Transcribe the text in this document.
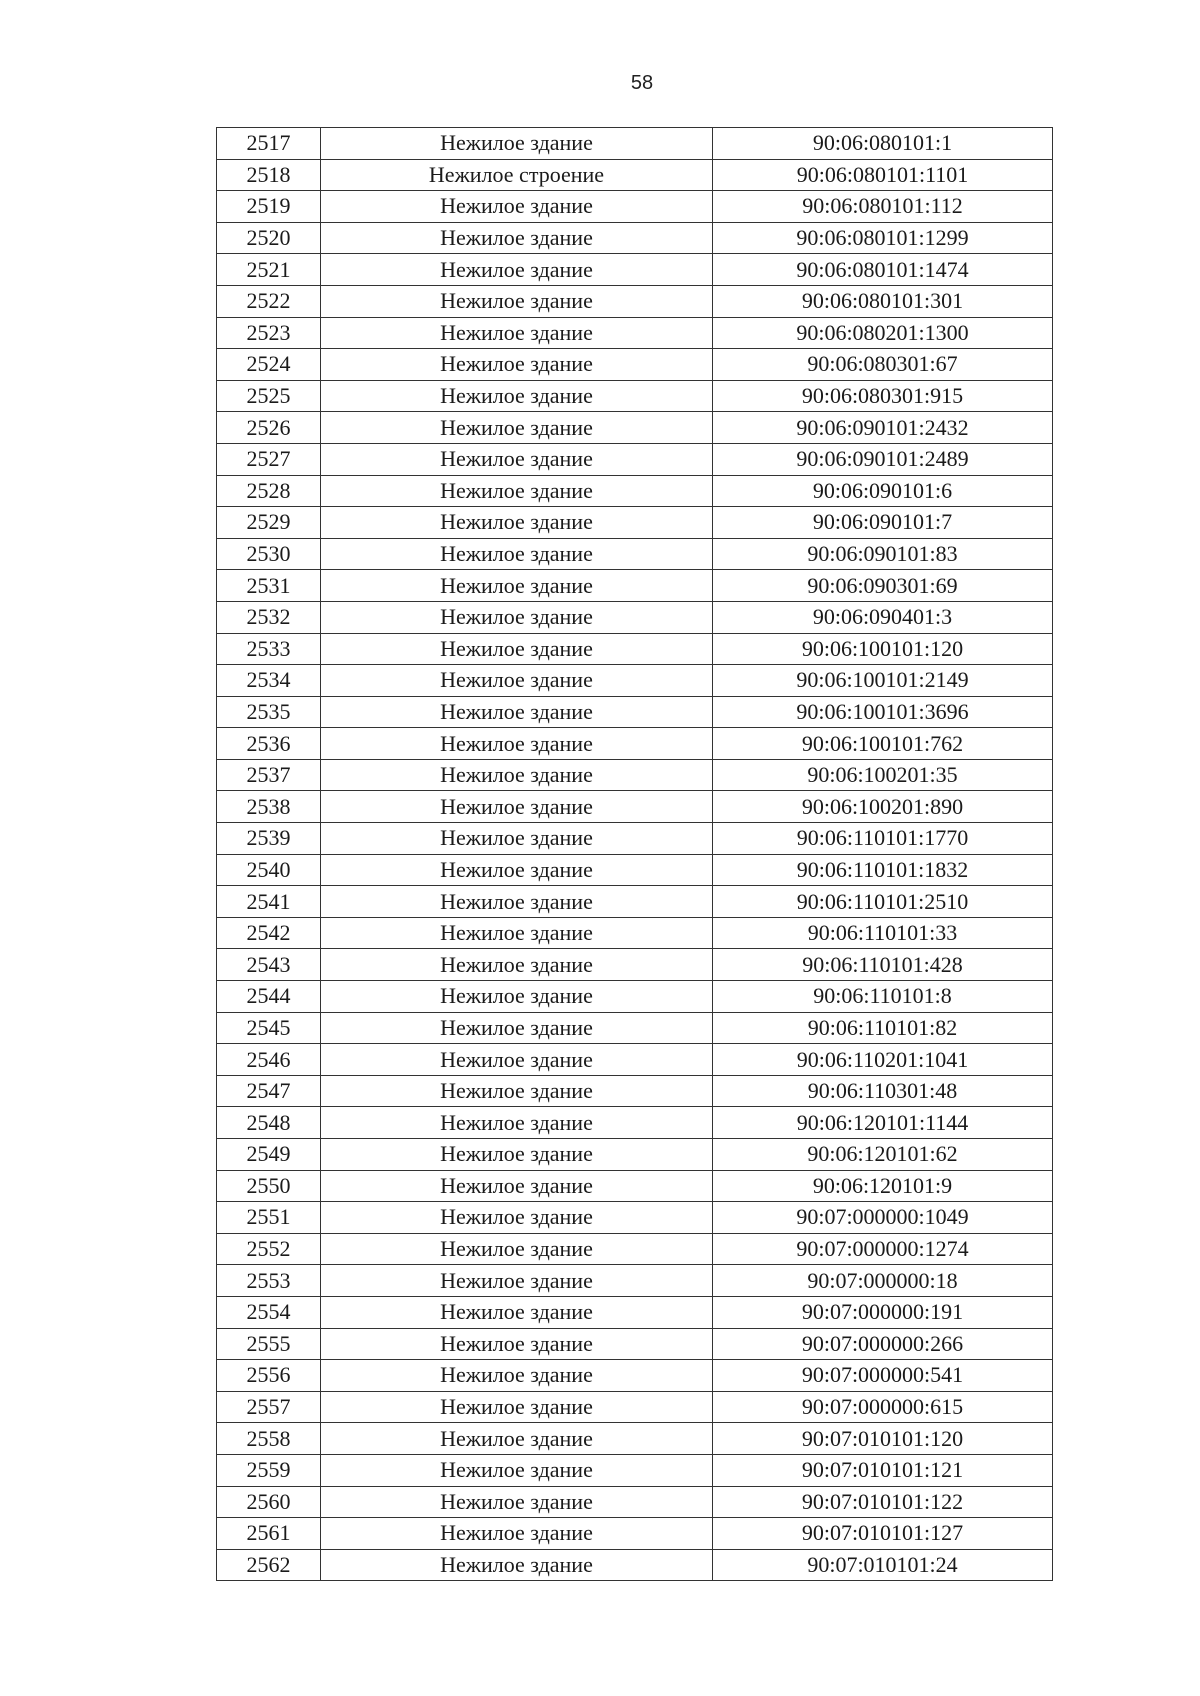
58
2517	Нежилое здание	90:06:080101:1
2518	Нежилое строение	90:06:080101:1101
2519	Нежилое здание	90:06:080101:112
2520	Нежилое здание	90:06:080101:1299
2521	Нежилое здание	90:06:080101:1474
2522	Нежилое здание	90:06:080101:301
2523	Нежилое здание	90:06:080201:1300
2524	Нежилое здание	90:06:080301:67
2525	Нежилое здание	90:06:080301:915
2526	Нежилое здание	90:06:090101:2432
2527	Нежилое здание	90:06:090101:2489
2528	Нежилое здание	90:06:090101:6
2529	Нежилое здание	90:06:090101:7
2530	Нежилое здание	90:06:090101:83
2531	Нежилое здание	90:06:090301:69
2532	Нежилое здание	90:06:090401:3
2533	Нежилое здание	90:06:100101:120
2534	Нежилое здание	90:06:100101:2149
2535	Нежилое здание	90:06:100101:3696
2536	Нежилое здание	90:06:100101:762
2537	Нежилое здание	90:06:100201:35
2538	Нежилое здание	90:06:100201:890
2539	Нежилое здание	90:06:110101:1770
2540	Нежилое здание	90:06:110101:1832
2541	Нежилое здание	90:06:110101:2510
2542	Нежилое здание	90:06:110101:33
2543	Нежилое здание	90:06:110101:428
2544	Нежилое здание	90:06:110101:8
2545	Нежилое здание	90:06:110101:82
2546	Нежилое здание	90:06:110201:1041
2547	Нежилое здание	90:06:110301:48
2548	Нежилое здание	90:06:120101:1144
2549	Нежилое здание	90:06:120101:62
2550	Нежилое здание	90:06:120101:9
2551	Нежилое здание	90:07:000000:1049
2552	Нежилое здание	90:07:000000:1274
2553	Нежилое здание	90:07:000000:18
2554	Нежилое здание	90:07:000000:191
2555	Нежилое здание	90:07:000000:266
2556	Нежилое здание	90:07:000000:541
2557	Нежилое здание	90:07:000000:615
2558	Нежилое здание	90:07:010101:120
2559	Нежилое здание	90:07:010101:121
2560	Нежилое здание	90:07:010101:122
2561	Нежилое здание	90:07:010101:127
2562	Нежилое здание	90:07:010101:24
